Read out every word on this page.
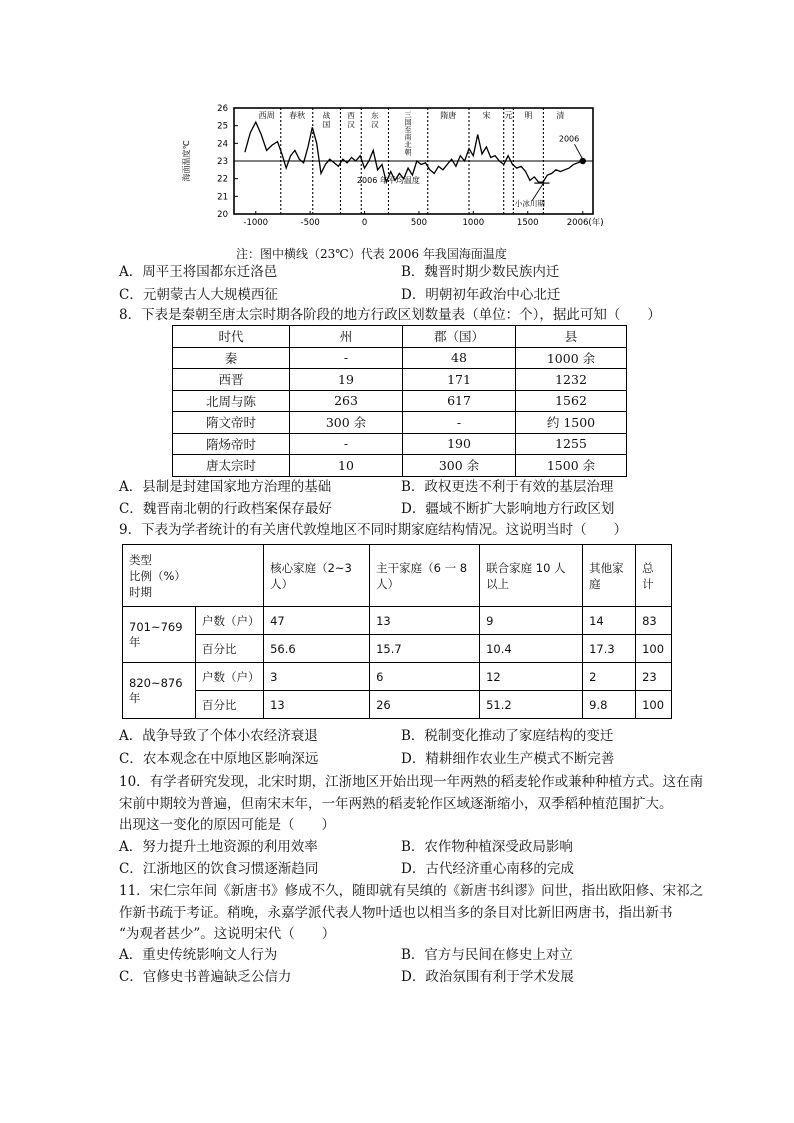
西周 春秋 战国
西汉
东汉
三国至南北朝
隋唐	宋 元 明	清
26
25
24
23
22
21
20
-1000	-500	0	500	1000	1500	2006(年)
海面温度℃	2006 年平均温度
2006
小冰川期
注：图中横线（23℃）代表 2006 年我国海面温度
A．周平王将国都东迁洛邑	B．魏晋时期少数民族内迁
C．元朝蒙古人大规模西征	D．明朝初年政治中心北迁
8．下表是秦朝至唐太宗时期各阶段的地方行政区划数量表（单位：个），据此可知（　　）
时代	州	郡（国）	县
秦	-	48	1000 余
西晋	19	171	1232
北周与陈	263	617	1562
隋文帝时	300 余	-	约 1500
隋炀帝时	-	190	1255
唐太宗时	10	300 余	1500 余
A．县制是封建国家地方治理的基础	B．政权更迭不利于有效的基层治理
C．魏晋南北朝的行政档案保存最好	D．疆域不断扩大影响地方行政区划
9．下表为学者统计的有关唐代敦煌地区不同时期家庭结构情况。这说明当时（　　）
类型
比例（%）
时期		核心家庭（2~3人）	主干家庭（6 一 8人）	联合家庭 10 人以上	其他家庭	总计
701~769年	户数（户）	47	13	9	14	83
	百分比	56.6	15.7	10.4	17.3	100
820~876年	户数（户）	3	6	12	2	23
	百分比	13	26	51.2	9.8	100
A．战争导致了个体小农经济衰退	B．税制变化推动了家庭结构的变迁
C．农本观念在中原地区影响深远	D．精耕细作农业生产模式不断完善
10．有学者研究发现，北宋时期，江浙地区开始出现一年两熟的稻麦轮作或兼种种植方式。这在南
宋前中期较为普遍，但南宋末年，一年两熟的稻麦轮作区域逐渐缩小，双季稻种植范围扩大。
出现这一变化的原因可能是（　　）
A．努力提升土地资源的利用效率	B．农作物种植深受政局影响
C．江浙地区的饮食习惯逐渐趋同	D．古代经济重心南移的完成
11．宋仁宗年间《新唐书》修成不久，随即就有吴缜的《新唐书纠谬》问世，指出欧阳修、宋祁之
作新书疏于考证。稍晚，永嘉学派代表人物叶适也以相当多的条目对比新旧两唐书，指出新书
“为观者甚少”。这说明宋代（　　）
A．重史传统影响文人行为	B．官方与民间在修史上对立
C．官修史书普遍缺乏公信力	D．政治氛围有利于学术发展
